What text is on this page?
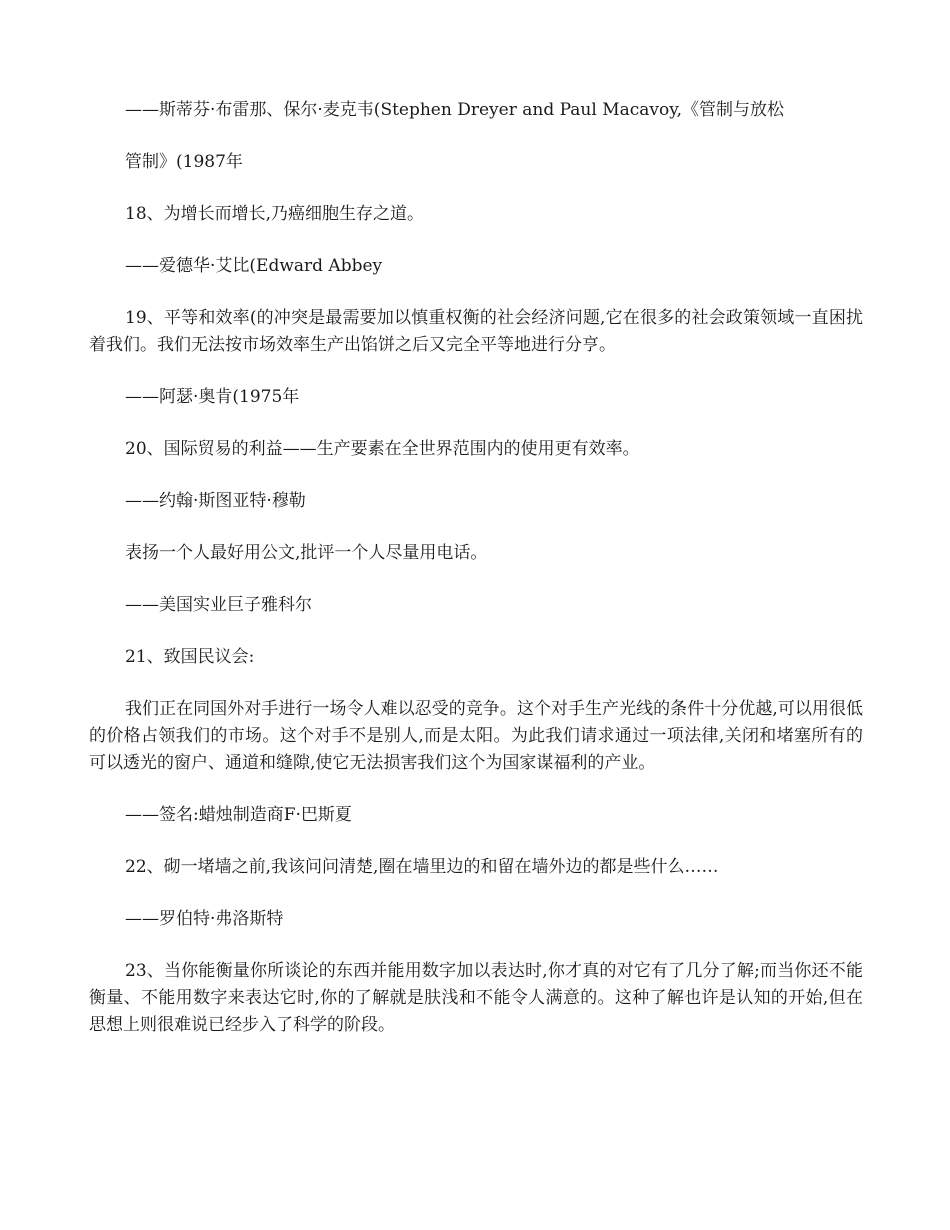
——斯蒂芬·布雷那、保尔·麦克韦(Stephen Dreyer and Paul Macavoy,《管制与放松

管制》(1987年

18、为增长而增长,乃癌细胞生存之道。

——爱德华·艾比(Edward Abbey

19、平等和效率(的冲突是最需要加以慎重权衡的社会经济问题,它在很多的社会政策领域一直困扰着我们。我们无法按市场效率生产出馅饼之后又完全平等地进行分亨。

——阿瑟·奥肯(1975年

20、国际贸易的利益——生产要素在全世界范围内的使用更有效率。

——约翰·斯图亚特·穆勒

表扬一个人最好用公文,批评一个人尽量用电话。

——美国实业巨子雅科尔

21、致国民议会:

我们正在同国外对手进行一场令人难以忍受的竞争。这个对手生产光线的条件十分优越,可以用很低的价格占领我们的市场。这个对手不是别人,而是太阳。为此我们请求通过一项法律,关闭和堵塞所有的可以透光的窗户、通道和缝隙,使它无法损害我们这个为国家谋福利的产业。

——签名:蜡烛制造商F·巴斯夏

22、砌一堵墙之前,我该问问清楚,圈在墙里边的和留在墙外边的都是些什么……

——罗伯特·弗洛斯特

23、当你能衡量你所谈论的东西并能用数字加以表达时,你才真的对它有了几分了解;而当你还不能衡量、不能用数字来表达它时,你的了解就是肤浅和不能令人满意的。这种了解也许是认知的开始,但在思想上则很难说已经步入了科学的阶段。
